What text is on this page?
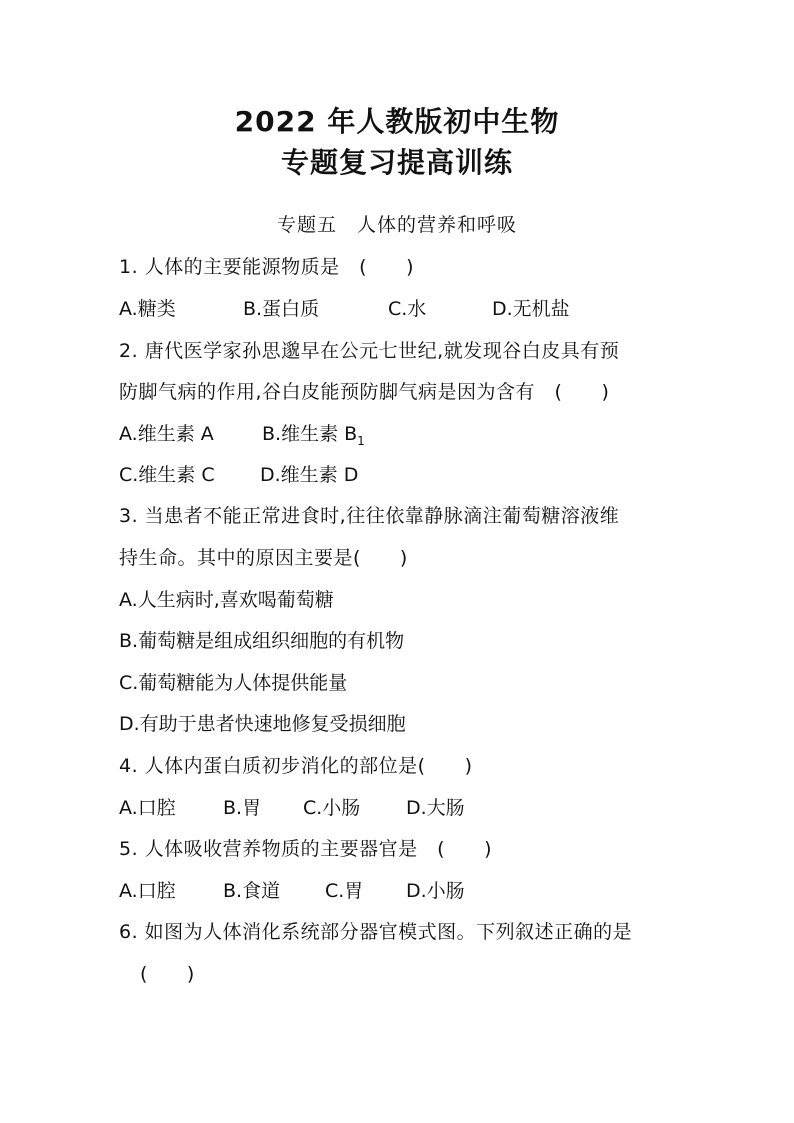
2022 年人教版初中生物
专题复习提高训练
专题五　人体的营养和呼吸
1. 人体的主要能源物质是　(　　)
A.糖类	B.蛋白质	C.水	D.无机盐
2. 唐代医学家孙思邈早在公元七世纪,就发现谷白皮具有预
防脚气病的作用,谷白皮能预防脚气病是因为含有　(　　)
A.维生素 A	B.维生素 $B_1$
C.维生素 C D.维生素 D
3. 当患者不能正常进食时,往往依靠静脉滴注葡萄糖溶液维
持生命。其中的原因主要是(　　)
A.人生病时,喜欢喝葡萄糖
B.葡萄糖是组成组织细胞的有机物
C.葡萄糖能为人体提供能量
D.有助于患者快速地修复受损细胞
4. 人体内蛋白质初步消化的部位是(　　)
A.口腔 B.胃 C.小肠 D.大肠
5. 人体吸收营养物质的主要器官是　(　　)
A.口腔 B.食道 C.胃 D.小肠
6. 如图为人体消化系统部分器官模式图。下列叙述正确的是
(　　)
